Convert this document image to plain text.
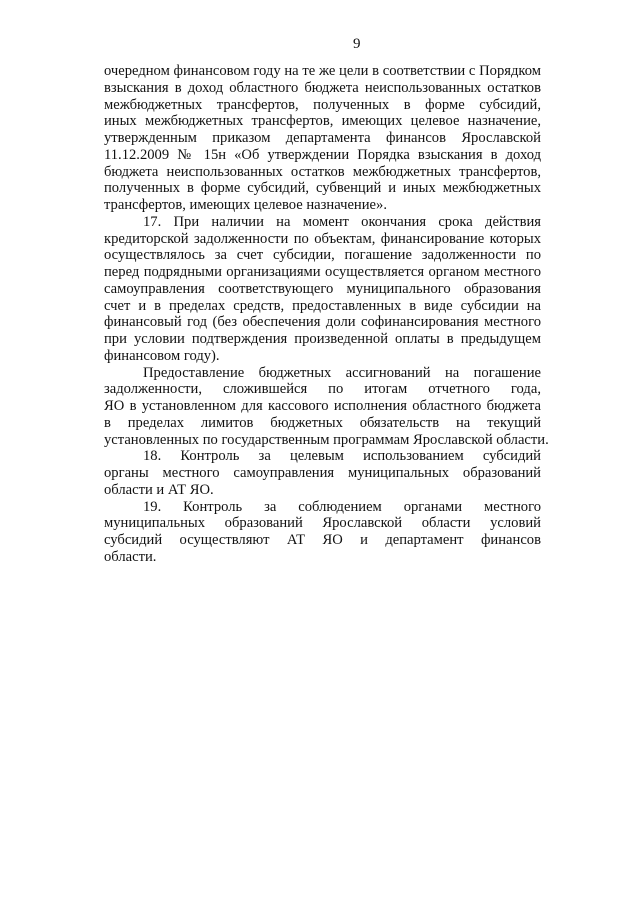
9
очередном финансовом году на те же цели в соответствии с Порядком
взыскания в доход областного бюджета неиспользованных остатков
межбюджетных трансфертов, полученных в форме субсидий,
иных межбюджетных трансфертов, имеющих целевое назначение,
утвержденным приказом департамента финансов Ярославской
11.12.2009 № 15н «Об утверждении Порядка взыскания в доход
бюджета неиспользованных остатков межбюджетных трансфертов,
полученных в форме субсидий, субвенций и иных межбюджетных
трансфертов, имеющих целевое назначение».
17. При наличии на момент окончания срока действия
кредиторской задолженности по объектам, финансирование которых
осуществлялось за счет субсидии, погашение задолженности по
перед подрядными организациями осуществляется органом местного
самоуправления соответствующего муниципального образования
счет и в пределах средств, предоставленных в виде субсидии на
финансовый год (без обеспечения доли софинансирования местного
при условии подтверждения произведенной оплаты в предыдущем
финансовом году).
Предоставление бюджетных ассигнований на погашение
задолженности, сложившейся по итогам отчетного года,
ЯО в установленном для кассового исполнения областного бюджета
в пределах лимитов бюджетных обязательств на текущий
установленных по государственным программам Ярославской области.
18. Контроль за целевым использованием субсидий
органы местного самоуправления муниципальных образований
области и АТ ЯО.
19. Контроль за соблюдением органами местного
муниципальных образований Ярославской области условий
субсидий осуществляют АТ ЯО и департамент финансов
области.
